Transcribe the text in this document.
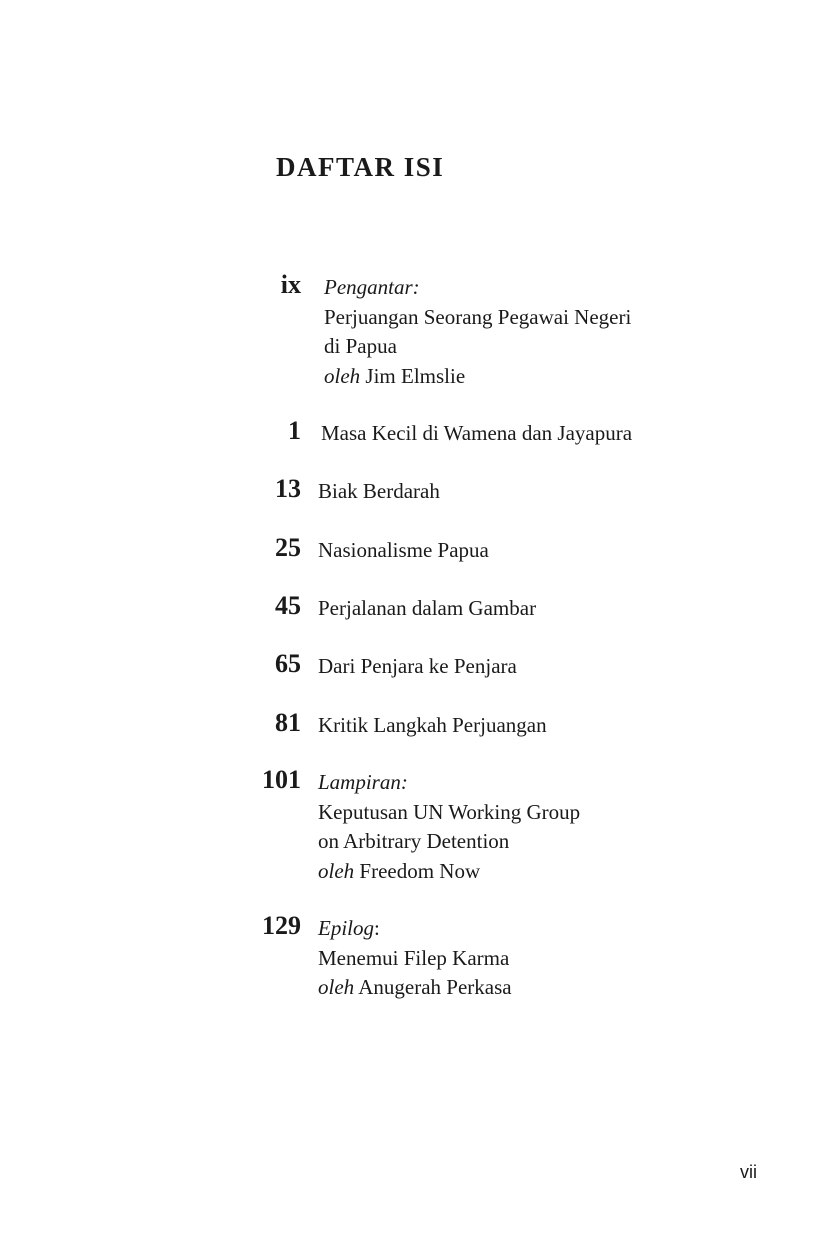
DAFTAR ISI
ix Pengantar:
Perjuangan Seorang Pegawai Negeri
di Papua
oleh Jim Elmslie
1 Masa Kecil di Wamena dan Jayapura
13 Biak Berdarah
25 Nasionalisme Papua
45 Perjalanan dalam Gambar
65 Dari Penjara ke Penjara
81 Kritik Langkah Perjuangan
101 Lampiran:
Keputusan UN Working Group
on Arbitrary Detention
oleh Freedom Now
129 Epilog:
Menemui Filep Karma
oleh Anugerah Perkasa
vii
